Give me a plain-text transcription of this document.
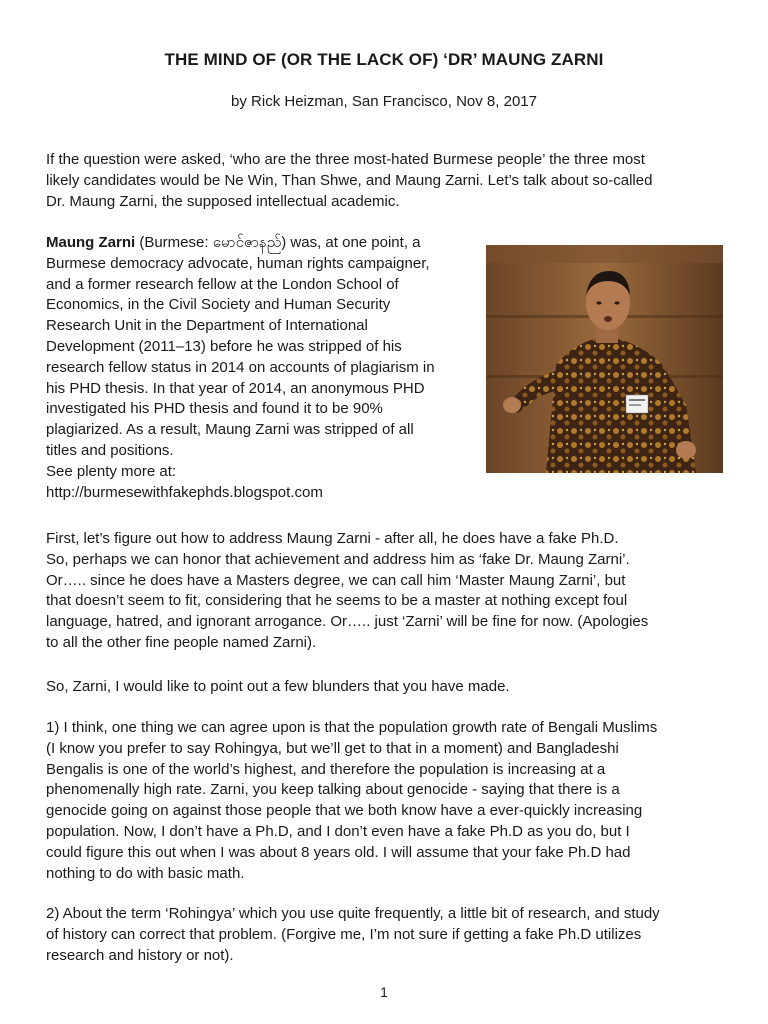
THE MIND OF (OR THE LACK OF) ‘DR’ MAUNG ZARNI

by Rick Heizman, San Francisco, Nov 8, 2017

If the question were asked, ‘who are the three most-hated Burmese people’ the three most
likely candidates would be Ne Win, Than Shwe, and Maung Zarni. Let’s talk about so-called
Dr. Maung Zarni, the supposed intellectual academic.

Maung Zarni (Burmese: မောင်ဇာနည်) was, at one point, a
Burmese democracy advocate, human rights campaigner,
and a former research fellow at the London School of
Economics, in the Civil Society and Human Security
Research Unit in the Department of International
Development (2011–13) before he was stripped of his
research fellow status in 2014 on accounts of plagiarism in
his PHD thesis. In that year of 2014, an anonymous PHD
investigated his PHD thesis and found it to be 90%
plagiarized. As a result, Maung Zarni was stripped of all
titles and positions.
See plenty more at:
http://burmesewithfakephds.blogspot.com

First, let’s figure out how to address Maung Zarni - after all, he does have a fake Ph.D.
So, perhaps we can honor that achievement and address him as ‘fake Dr. Maung Zarni’.
Or….. since he does have a Masters degree, we can call him ‘Master Maung Zarni’, but
that doesn’t seem to fit, considering that he seems to be a master at nothing except foul
language, hatred, and ignorant arrogance. Or….. just ‘Zarni’ will be fine for now. (Apologies
to all the other fine people named Zarni).

So, Zarni, I would like to point out a few blunders that you have made.

1) I think, one thing we can agree upon is that the population growth rate of Bengali Muslims
(I know you prefer to say Rohingya, but we’ll get to that in a moment) and Bangladeshi
Bengalis is one of the world’s highest, and therefore the population is increasing at a
phenomenally high rate. Zarni, you keep talking about genocide - saying that there is a
genocide going on against those people that we both know have a ever-quickly increasing
population. Now, I don’t have a Ph.D, and I don’t even have a fake Ph.D as you do, but I
could figure this out when I was about 8 years old. I will assume that your fake Ph.D had
nothing to do with basic math.

2) About the term ‘Rohingya’ which you use quite frequently, a little bit of research, and study
of history can correct that problem. (Forgive me, I’m not sure if getting a fake Ph.D utilizes
research and history or not).

1
